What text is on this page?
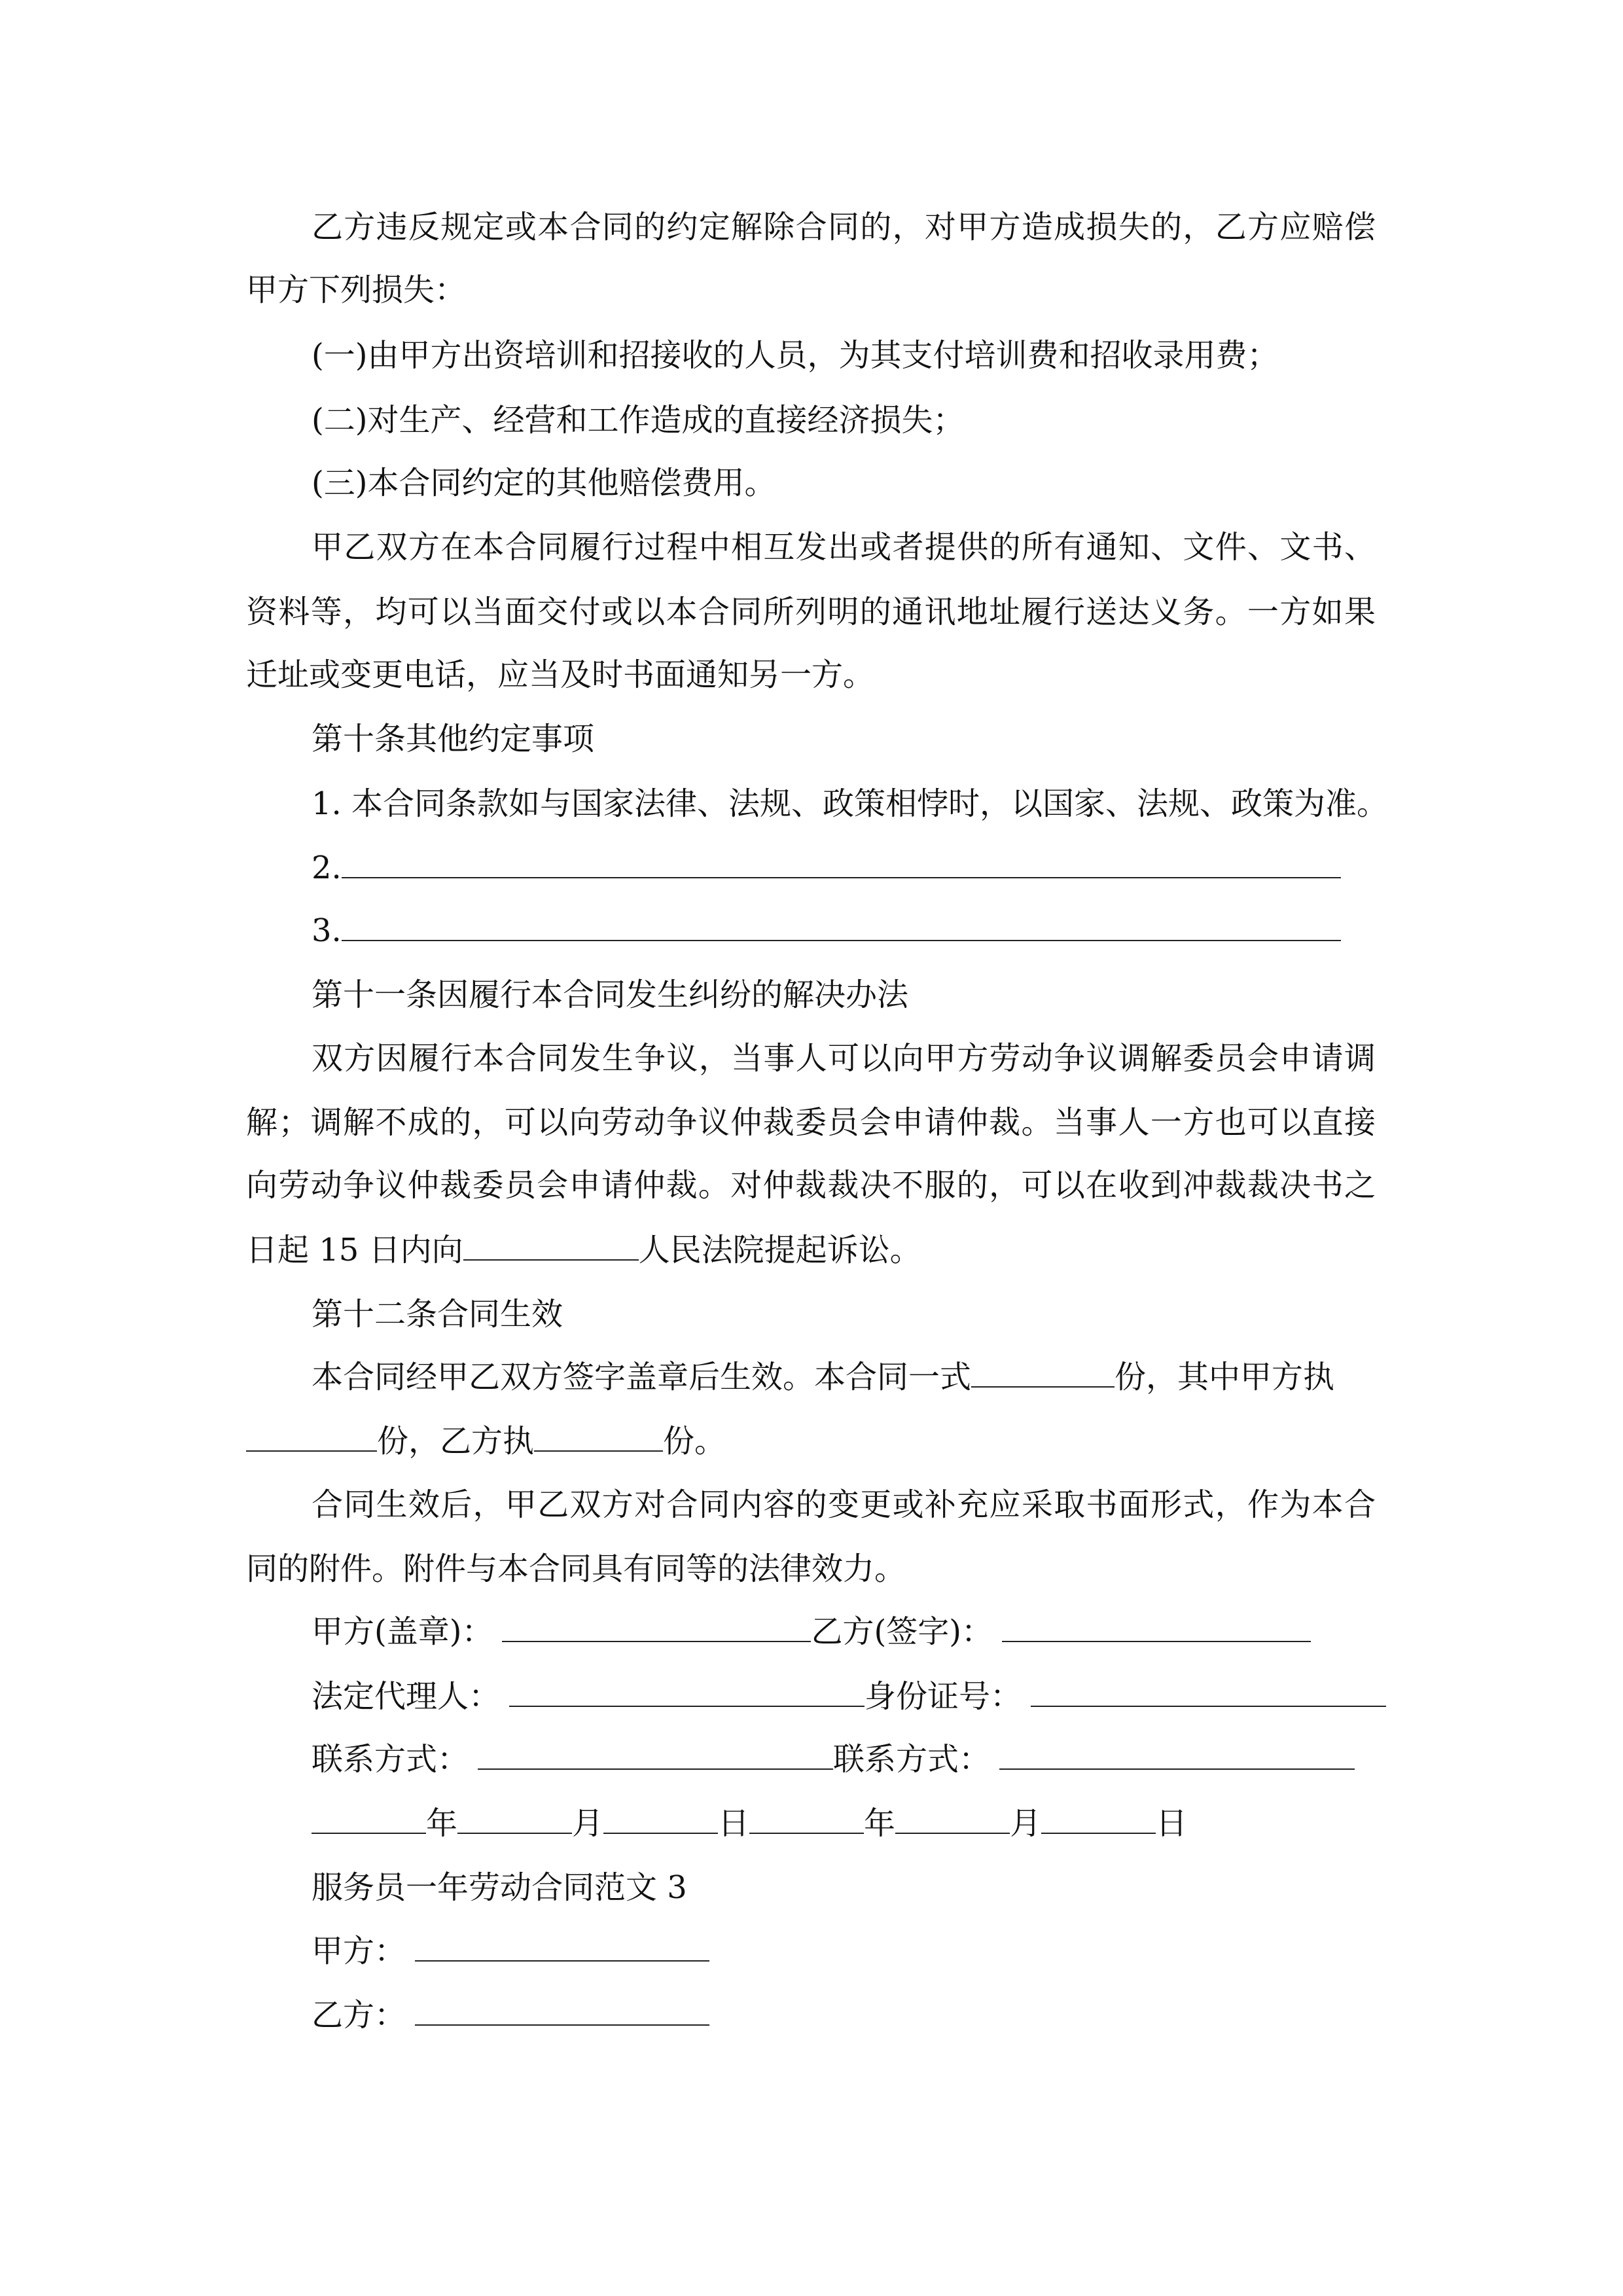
乙方违反规定或本合同的约定解除合同的，对甲方造成损失的，乙方应赔偿
甲方下列损失：
(一)由甲方出资培训和招接收的人员，为其支付培训费和招收录用费；
(二)对生产、经营和工作造成的直接经济损失；
(三)本合同约定的其他赔偿费用。
甲乙双方在本合同履行过程中相互发出或者提供的所有通知、文件、文书、
资料等，均可以当面交付或以本合同所列明的通讯地址履行送达义务。一方如果
迁址或变更电话，应当及时书面通知另一方。
第十条其他约定事项
1. 本合同条款如与国家法律、法规、政策相悖时，以国家、法规、政策为准。
2.
3.
第十一条因履行本合同发生纠纷的解决办法
双方因履行本合同发生争议，当事人可以向甲方劳动争议调解委员会申请调
解；调解不成的，可以向劳动争议仲裁委员会申请仲裁。当事人一方也可以直接
向劳动争议仲裁委员会申请仲裁。对仲裁裁决不服的，可以在收到冲裁裁决书之
日起 15 日内向	人民法院提起诉讼。
第十二条合同生效
本合同经甲乙双方签字盖章后生效。本合同一式	份，其中甲方执
份，乙方执	份。
合同生效后，甲乙双方对合同内容的变更或补充应采取书面形式，作为本合
同的附件。附件与本合同具有同等的法律效力。
甲方(盖章)：	乙方(签字)：
法定代理人：	身份证号：
联系方式：	联系方式：
年	月	日	年	月	日
服务员一年劳动合同范文 3
甲方：
乙方：
